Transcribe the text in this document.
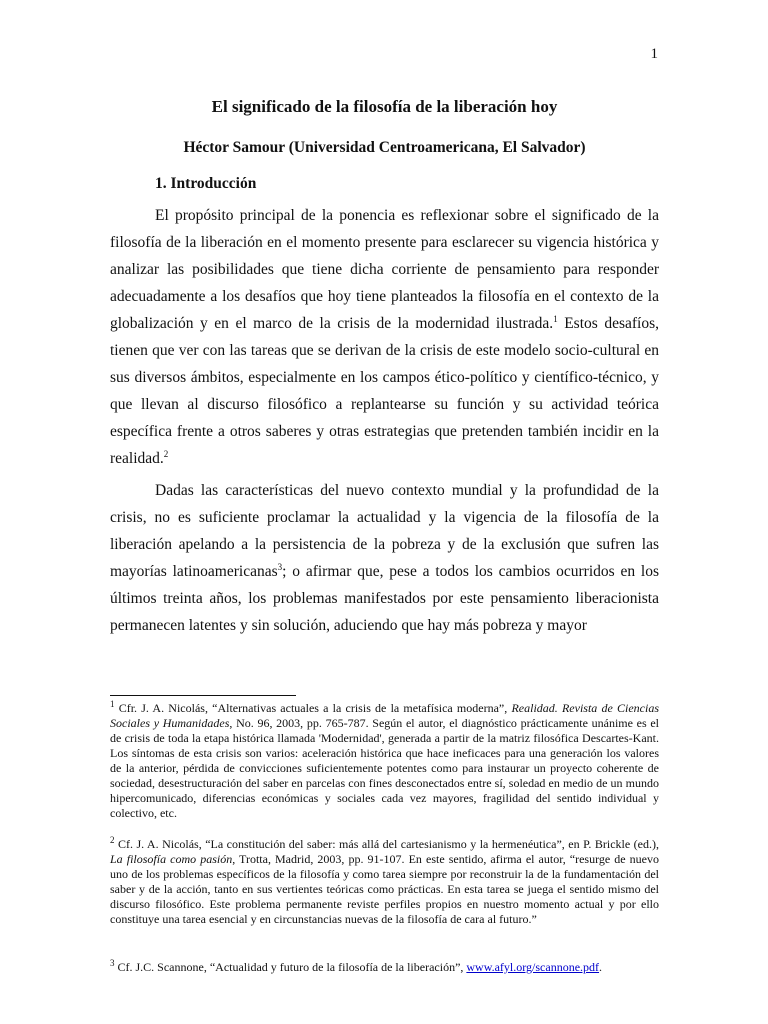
1
El significado de la filosofía de la liberación hoy
Héctor Samour (Universidad Centroamericana, El Salvador)
1. Introducción

El propósito principal de la ponencia es reflexionar sobre el significado de la filosofía de la liberación en el momento presente para esclarecer su vigencia histórica y analizar las posibilidades que tiene dicha corriente de pensamiento para responder adecuadamente a los desafíos que hoy tiene planteados la filosofía en el contexto de la globalización y en el marco de la crisis de la modernidad ilustrada.$^1$ Estos desafíos, tienen que ver con las tareas que se derivan de la crisis de este modelo socio-cultural en sus diversos ámbitos, especialmente en los campos ético-político y científico-técnico, y que llevan al discurso filosófico a replantearse su función y su actividad teórica específica frente a otros saberes y otras estrategias que pretenden también incidir en la realidad.$^2$

Dadas las características del nuevo contexto mundial y la profundidad de la crisis, no es suficiente proclamar la actualidad y la vigencia de la filosofía de la liberación apelando a la persistencia de la pobreza y de la exclusión que sufren las mayorías latinoamericanas$^3$; o afirmar que, pese a todos los cambios ocurridos en los últimos treinta años, los problemas manifestados por este pensamiento liberacionista permanecen latentes y sin solución, aduciendo que hay más pobreza y mayor

$^1$ Cfr. J. A. Nicolás, “Alternativas actuales a la crisis de la metafísica moderna”, Realidad. Revista de Ciencias Sociales y Humanidades, No. 96, 2003, pp. 765-787. Según el autor, el diagnóstico prácticamente unánime es el de crisis de toda la etapa histórica llamada 'Modernidad', generada a partir de la matriz filosófica Descartes-Kant. Los síntomas de esta crisis son varios: aceleración histórica que hace ineficaces para una generación los valores de la anterior, pérdida de convicciones suficientemente potentes como para instaurar un proyecto coherente de sociedad, desestructuración del saber en parcelas con fines desconectados entre sí, soledad en medio de un mundo hipercomunicado, diferencias económicas y sociales cada vez mayores, fragilidad del sentido individual y colectivo, etc.

$^2$ Cf. J. A. Nicolás, “La constitución del saber: más allá del cartesianismo y la hermenéutica”, en P. Brickle (ed.), La filosofía como pasión, Trotta, Madrid, 2003, pp. 91-107. En este sentido, afirma el autor, “resurge de nuevo uno de los problemas específicos de la filosofía y como tarea siempre por reconstruir la de la fundamentación del saber y de la acción, tanto en sus vertientes teóricas como prácticas. En esta tarea se juega el sentido mismo del discurso filosófico. Este problema permanente reviste perfiles propios en nuestro momento actual y por ello constituye una tarea esencial y en circunstancias nuevas de la filosofía de cara al futuro.”

$^3$ Cf. J.C. Scannone, “Actualidad y futuro de la filosofía de la liberación”, www.afyl.org/scannone.pdf.
